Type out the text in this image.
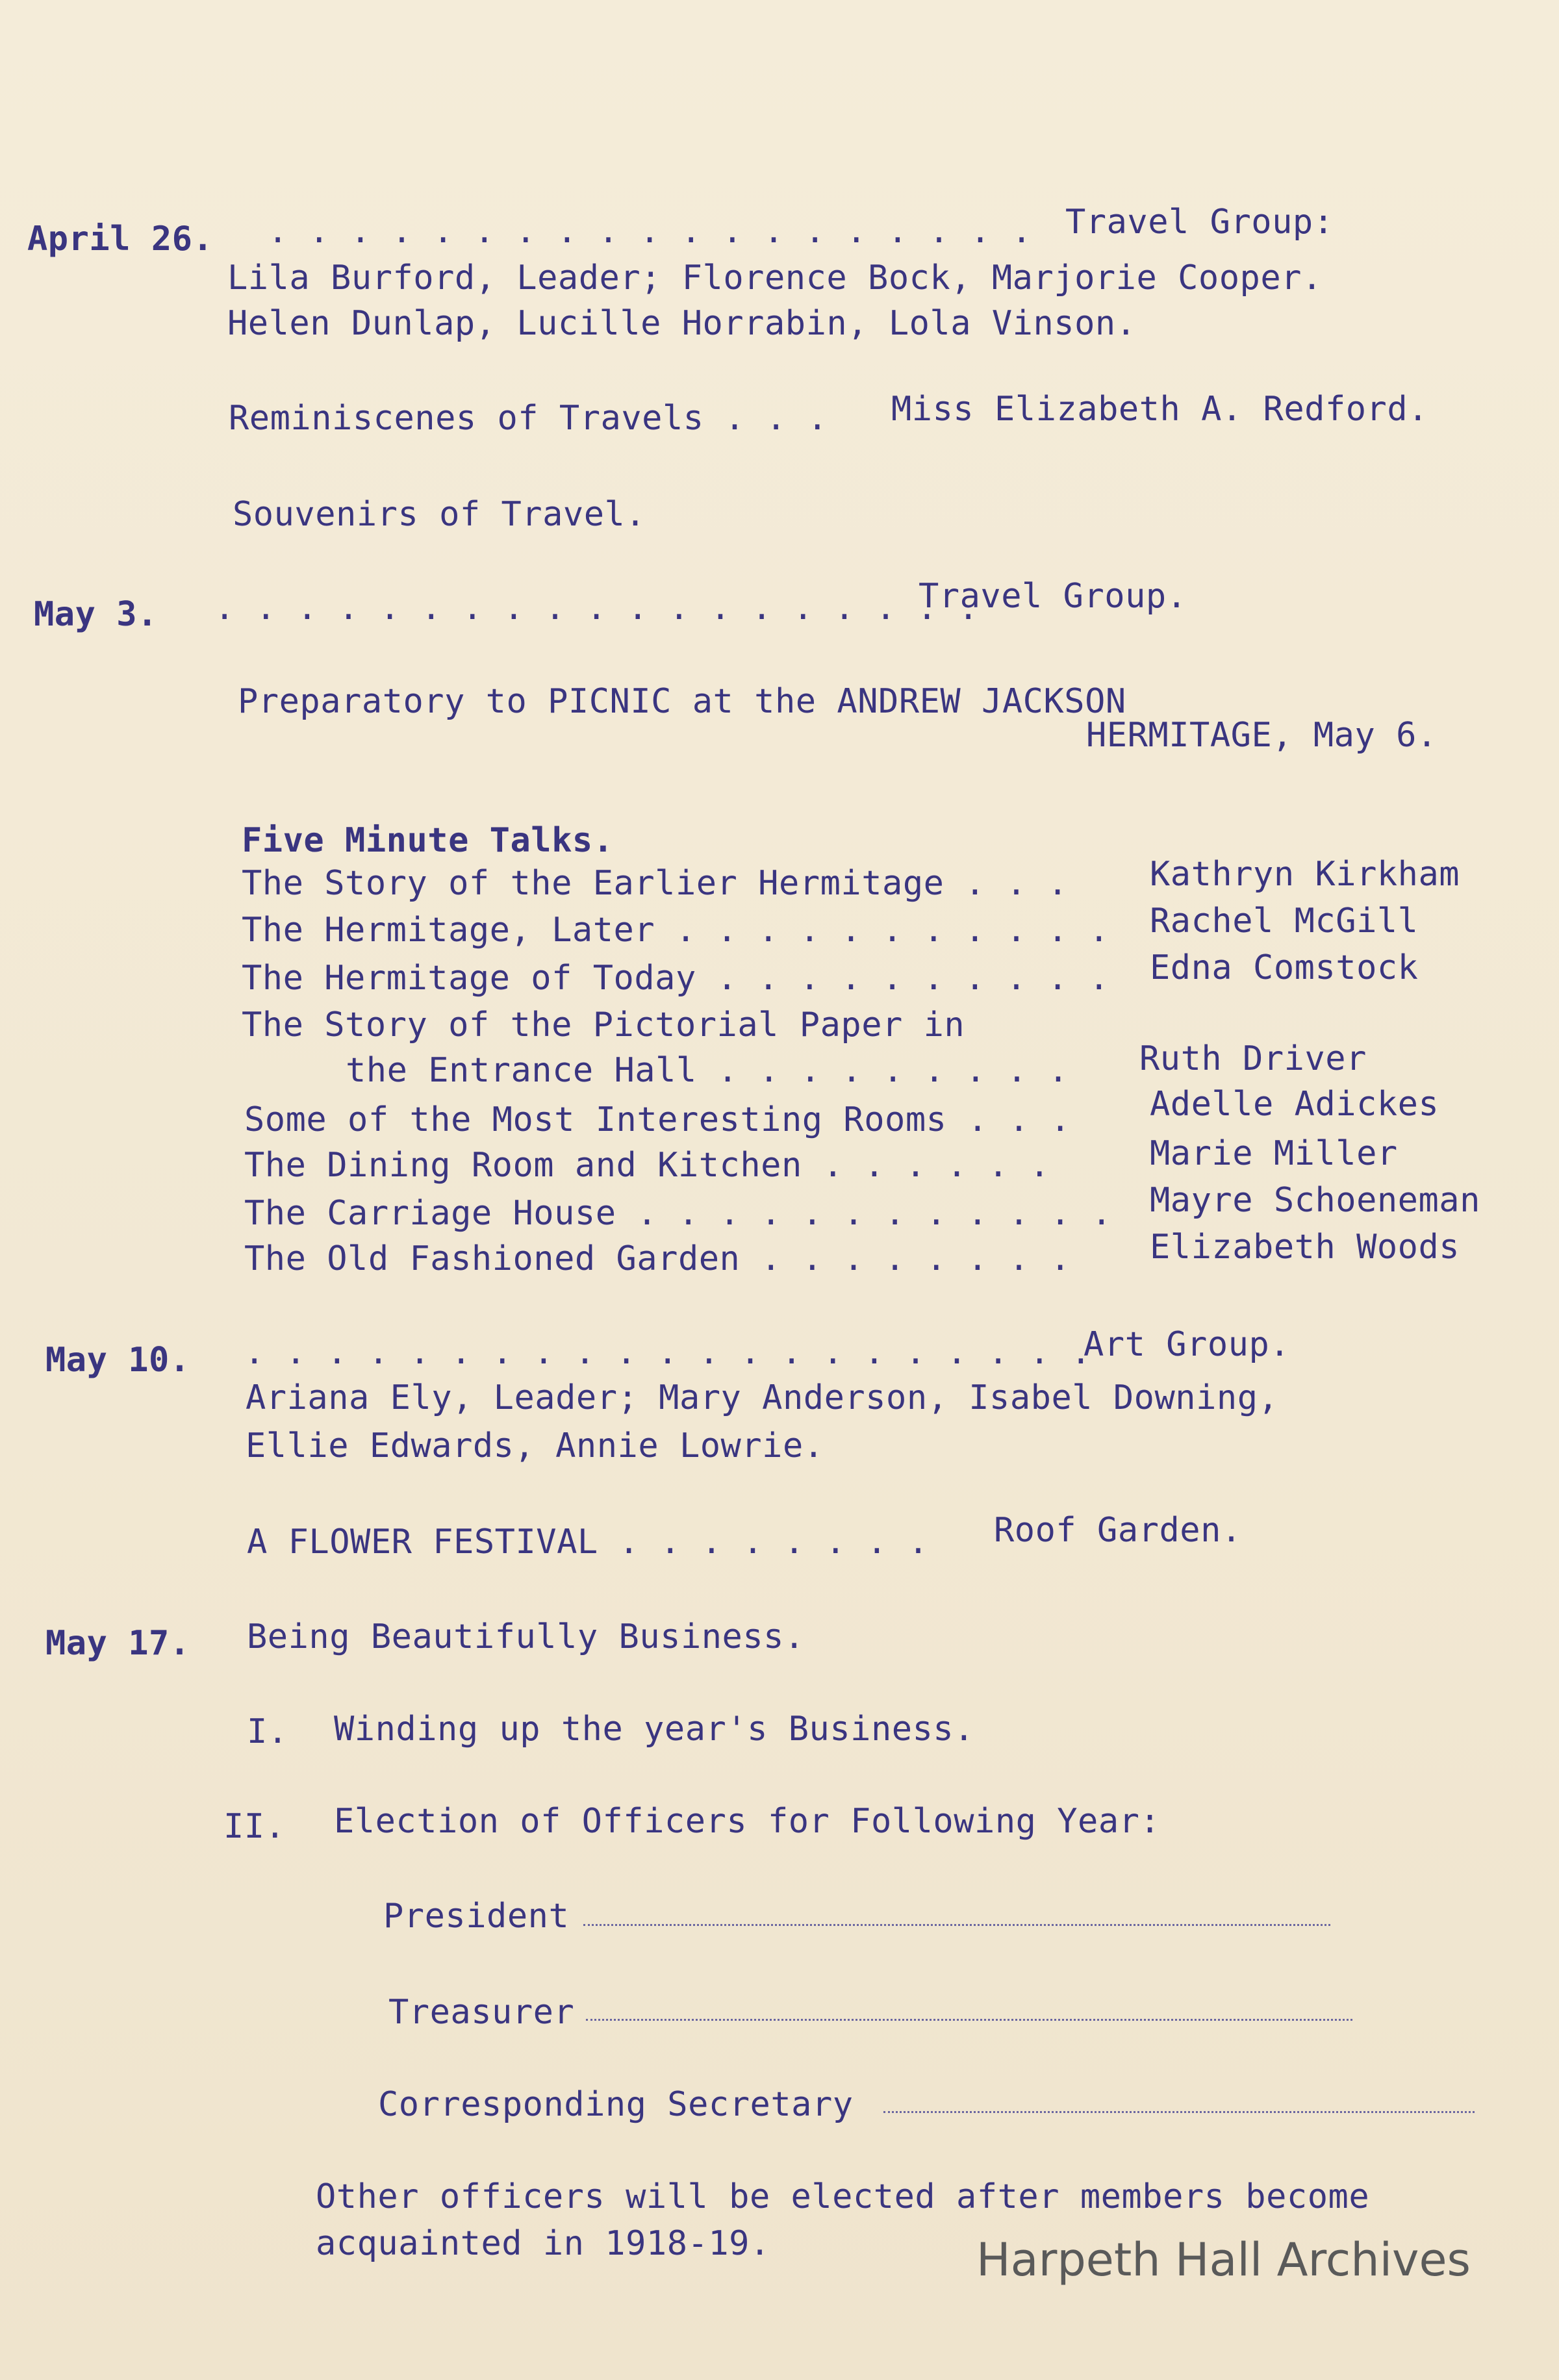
April 26. . . . . . . . . . . . . . . . . . . . Travel Group:
Lila Burford, Leader; Florence Bock, Marjorie Cooper.
Helen Dunlap, Lucille Horrabin, Lola Vinson.
Reminiscenes of Travels . . . Miss Elizabeth A. Redford.
Souvenirs of Travel.
May 3. . . . . . . . . . . . . . . . . . . .
Travel Group.
Preparatory to PICNIC at the ANDREW JACKSON
HERMITAGE, May 6.
Five Minute Talks.
The Story of the Earlier Hermitage . . . Kathryn Kirkham
The Hermitage, Later . . . . . . . . . . . Rachel McGill
The Hermitage of Today . . . . . . . . . . Edna Comstock
The Story of the Pictorial Paper in
the Entrance Hall . . . . . . . . . Ruth Driver
Some of the Most Interesting Rooms . . . Adelle Adickes
The Dining Room and Kitchen . . . . . .	Marie Miller
The Carriage House . . . . . . . . . . . . Mayre Schoeneman
The Old Fashioned Garden . . . . . . . . Elizabeth Woods
May 10. . . . . . . . . . . . . . . . . . . . . .
Art Group.
Ariana Ely, Leader; Mary Anderson, Isabel Downing,
Ellie Edwards, Annie Lowrie.
A FLOWER FESTIVAL . . . . . . . . Roof Garden.
May 17. Being Beautifully Business.
I. Winding up the year's Business.
II. Election of Officers for Following Year:
President
Treasurer
Corresponding Secretary
Other officers will be elected after members become
acquainted in 1918-19.	Harpeth Hall Archives
